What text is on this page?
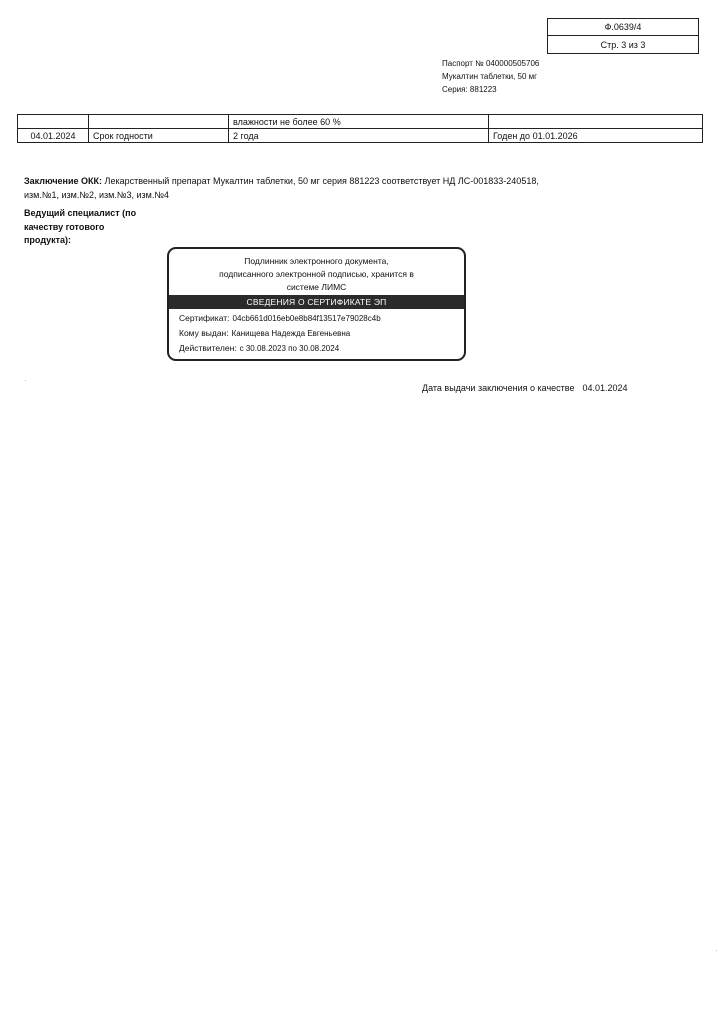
Ф.0639/4
Стр. 3 из 3
Паспорт № 040000505706
Мукалтин таблетки, 50 мг
Серия: 881223
		влажности не более 60 %	
04.01.2024	Срок годности	2 года	Годен до 01.01.2026
Заключение ОКК: Лекарственный препарат Мукалтин таблетки, 50 мг серия 881223 соответствует НД ЛС-001833-240518,
изм.№1, изм.№2, изм.№3, изм.№4
Ведущий специалист (по
качеству готового
продукта):
Подлинник электронного документа,
подписанного электронной подписью, хранится в
системе ЛИМС
СВЕДЕНИЯ О СЕРТИФИКАТЕ ЭП
Сертификат: 04cb661d016eb0e8b84f13517e79028c4b
Кому выдан: Канищева Надежда Евгеньевна
Действителен: с 30.08.2023 по 30.08.2024
Дата выдачи заключения о качестве 04.01.2024
